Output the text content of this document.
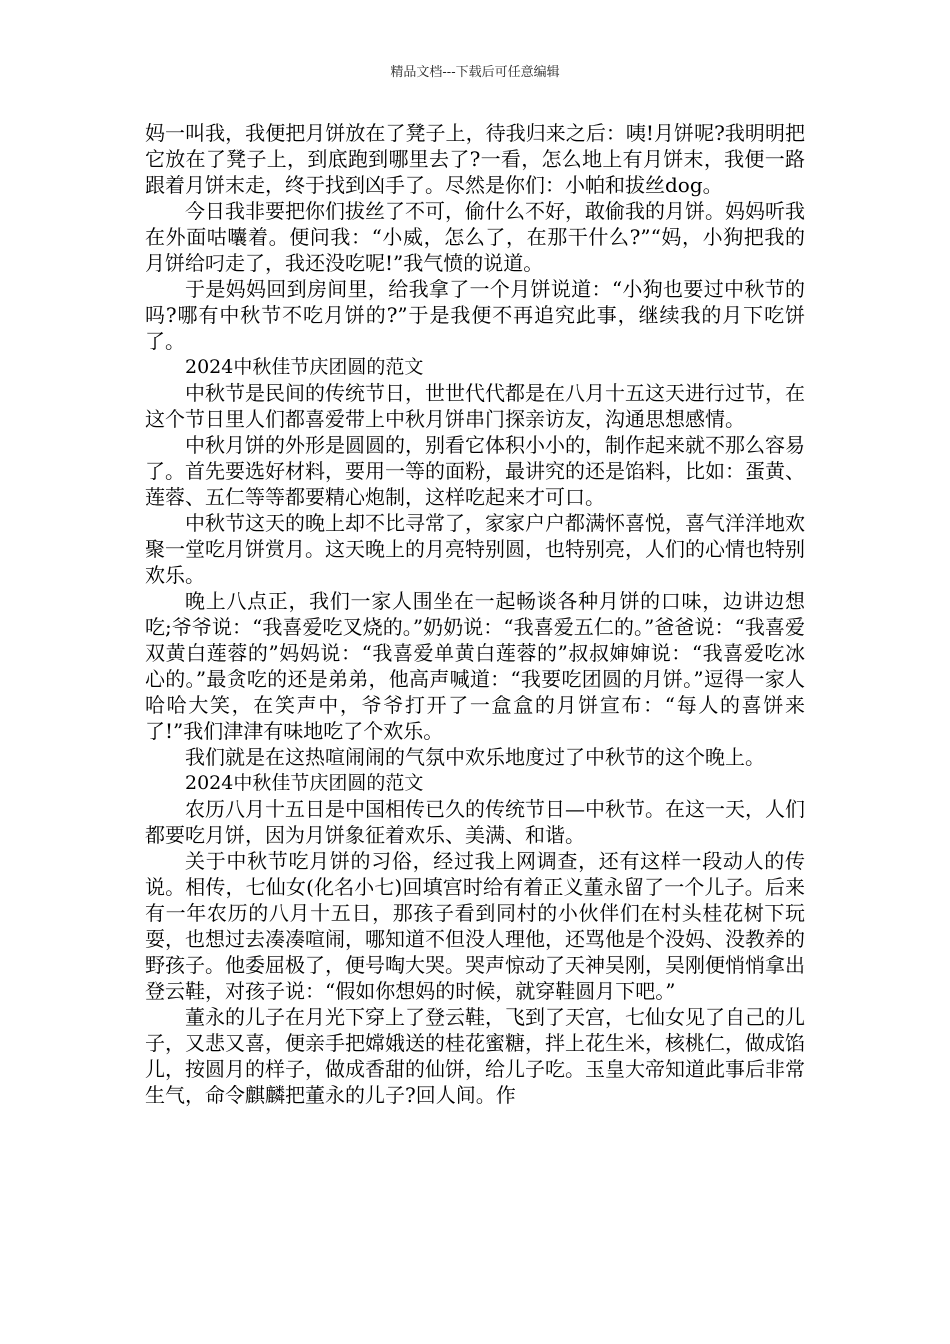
精品文档---下载后可任意编辑

妈一叫我，我便把月饼放在了凳子上，待我归来之后：咦!月饼呢?我明明把它放在了凳子上，到底跑到哪里去了?一看，怎么地上有月饼末，我便一路跟着月饼末走，终于找到凶手了。尽然是你们：小帕和拔丝dog。

今日我非要把你们拔丝了不可，偷什么不好，敢偷我的月饼。妈妈听我在外面咕囔着。便问我：“小威，怎么了，在那干什么?”“妈，小狗把我的月饼给叼走了，我还没吃呢!”我气愤的说道。

于是妈妈回到房间里，给我拿了一个月饼说道：“小狗也要过中秋节的吗?哪有中秋节不吃月饼的?”于是我便不再追究此事，继续我的月下吃饼了。

2024中秋佳节庆团圆的范文

中秋节是民间的传统节日，世世代代都是在八月十五这天进行过节，在这个节日里人们都喜爱带上中秋月饼串门探亲访友，沟通思想感情。

中秋月饼的外形是圆圆的，别看它体积小小的，制作起来就不那么容易了。首先要选好材料，要用一等的面粉，最讲究的还是馅料，比如：蛋黄、莲蓉、五仁等等都要精心炮制，这样吃起来才可口。

中秋节这天的晚上却不比寻常了，家家户户都满怀喜悦，喜气洋洋地欢聚一堂吃月饼赏月。这天晚上的月亮特别圆，也特别亮，人们的心情也特别欢乐。

晚上八点正，我们一家人围坐在一起畅谈各种月饼的口味，边讲边想吃;爷爷说：“我喜爱吃叉烧的。”奶奶说：“我喜爱五仁的。”爸爸说：“我喜爱双黄白莲蓉的”妈妈说：“我喜爱单黄白莲蓉的”叔叔婶婶说：“我喜爱吃冰心的。”最贪吃的还是弟弟，他高声喊道：“我要吃团圆的月饼。”逗得一家人哈哈大笑，在笑声中，爷爷打开了一盒盒的月饼宣布：“每人的喜饼来了!”我们津津有味地吃了个欢乐。

我们就是在这热喧闹闹的气氛中欢乐地度过了中秋节的这个晚上。

2024中秋佳节庆团圆的范文

农历八月十五日是中国相传已久的传统节日—中秋节。在这一天，人们都要吃月饼，因为月饼象征着欢乐、美满、和谐。

关于中秋节吃月饼的习俗，经过我上网调查，还有这样一段动人的传说。相传，七仙女(化名小七)回填宫时给有着正义董永留了一个儿子。后来有一年农历的八月十五日，那孩子看到同村的小伙伴们在村头桂花树下玩耍，也想过去凑凑喧闹，哪知道不但没人理他，还骂他是个没妈、没教养的野孩子。他委屈极了，便号啕大哭。哭声惊动了天神吴刚，吴刚便悄悄拿出登云鞋，对孩子说：“假如你想妈的时候，就穿鞋圆月下吧。”

董永的儿子在月光下穿上了登云鞋，飞到了天宫，七仙女见了自己的儿子，又悲又喜，便亲手把嫦娥送的桂花蜜糖，拌上花生米，核桃仁，做成馅儿，按圆月的样子，做成香甜的仙饼，给儿子吃。玉皇大帝知道此事后非常生气，命令麒麟把董永的儿子?回人间。作
